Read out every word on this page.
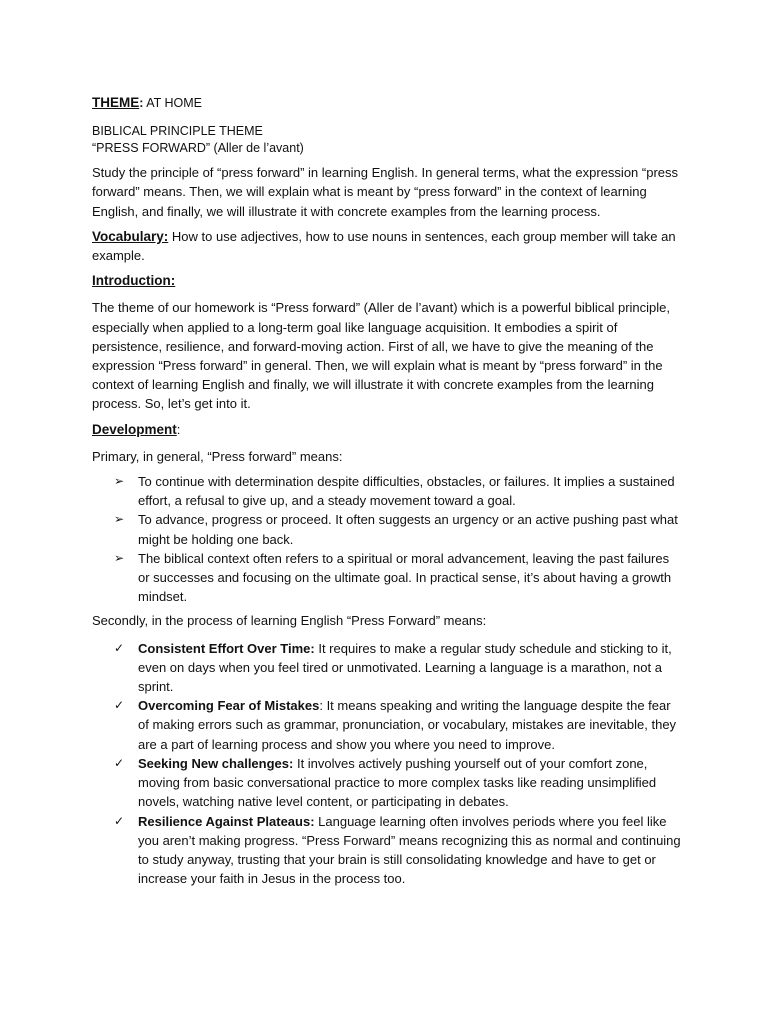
THEME: AT HOME
BIBLICAL PRINCIPLE THEME
“PRESS FORWARD” (Aller de l’avant)

Study the principle of “press forward” in learning English. In general terms, what the expression “press forward” means. Then, we will explain what is meant by “press forward” in the context of learning English, and finally, we will illustrate it with concrete examples from the learning process.

Vocabulary: How to use adjectives, how to use nouns in sentences, each group member will take an example.

Introduction:

The theme of our homework is “Press forward” (Aller de l’avant) which is a powerful biblical principle, especially when applied to a long-term goal like language acquisition. It embodies a spirit of persistence, resilience, and forward-moving action. First of all, we have to give the meaning of the expression “Press forward” in general. Then, we will explain what is meant by “press forward” in the context of learning English and finally, we will illustrate it with concrete examples from the learning process. So, let’s get into it.

Development:

Primary, in general, “Press forward” means:

➢ To continue with determination despite difficulties, obstacles, or failures. It implies a sustained effort, a refusal to give up, and a steady movement toward a goal.
➢ To advance, progress or proceed. It often suggests an urgency or an active pushing past what might be holding one back.
➢ The biblical context often refers to a spiritual or moral advancement, leaving the past failures or successes and focusing on the ultimate goal. In practical sense, it’s about having a growth mindset.

Secondly, in the process of learning English “Press Forward” means:

✓ Consistent Effort Over Time: It requires to make a regular study schedule and sticking to it, even on days when you feel tired or unmotivated. Learning a language is a marathon, not a sprint.
✓ Overcoming Fear of Mistakes: It means speaking and writing the language despite the fear of making errors such as grammar, pronunciation, or vocabulary, mistakes are inevitable, they are a part of learning process and show you where you need to improve.
✓ Seeking New challenges: It involves actively pushing yourself out of your comfort zone, moving from basic conversational practice to more complex tasks like reading unsimplified novels, watching native level content, or participating in debates.
✓ Resilience Against Plateaus: Language learning often involves periods where you feel like you aren’t making progress. “Press Forward” means recognizing this as normal and continuing to study anyway, trusting that your brain is still consolidating knowledge and have to get or increase your faith in Jesus in the process too.
